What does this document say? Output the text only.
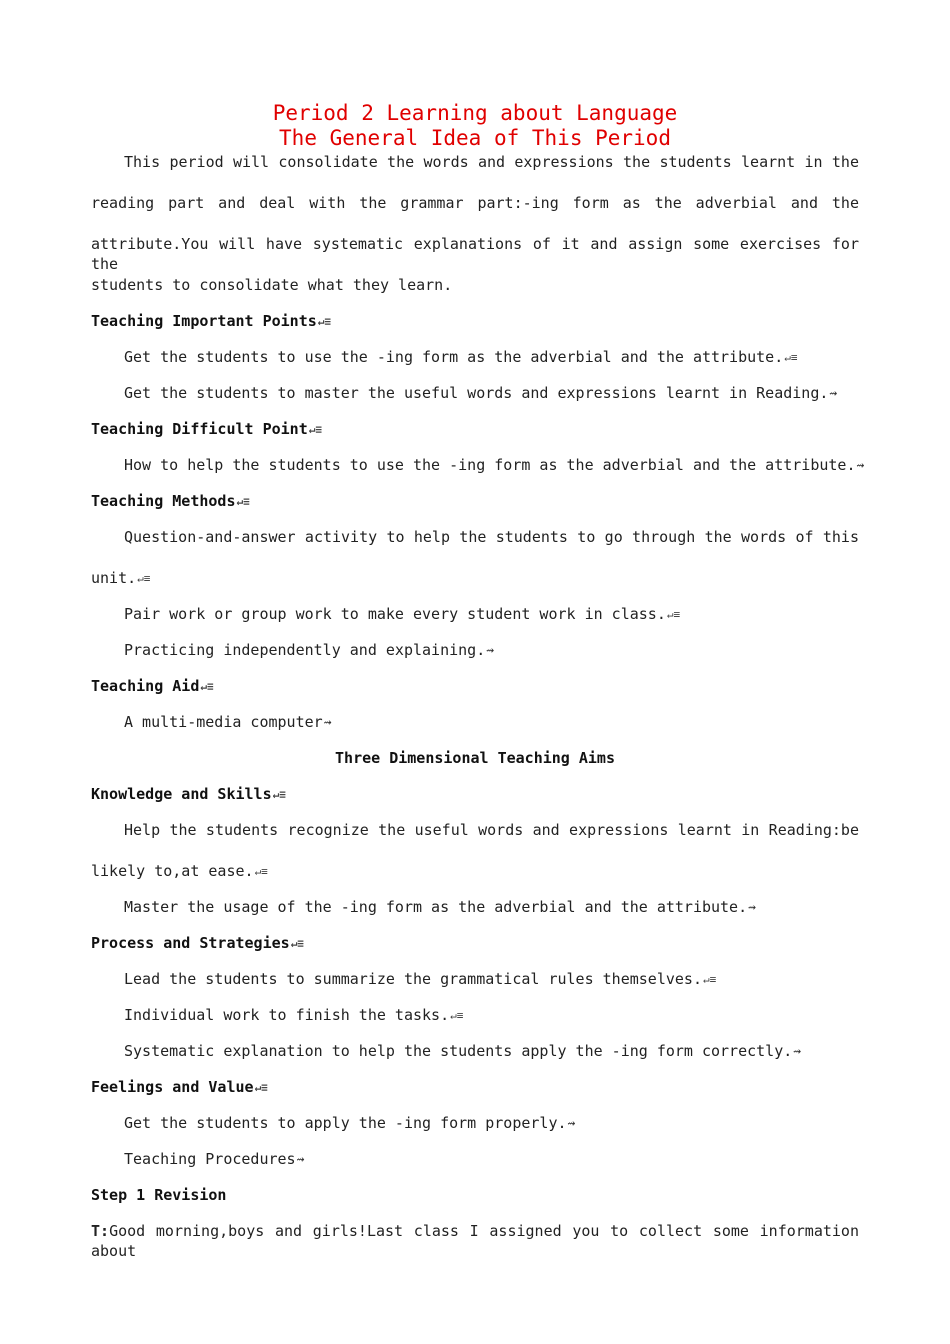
Period 2 Learning about Language
The General Idea of This Period
This period will consolidate the words and expressions the students learnt in the
reading part and deal with the grammar part:-ing form as the adverbial and the
attribute.You will have systematic explanations of it and assign some exercises for the
students to consolidate what they learn.
Teaching Important Points↵≡
Get the students to use the -ing form as the adverbial and the attribute.↵≡
Get the students to master the useful words and expressions learnt in Reading.⇝
Teaching Difficult Point↵≡
How to help the students to use the -ing form as the adverbial and the attribute.⇝
Teaching Methods↵≡
Question-and-answer activity to help the students to go through the words of this
unit.↵≡
Pair work or group work to make every student work in class.↵≡
Practicing independently and explaining.⇝
Teaching Aid↵≡
A multi-media computer⇝
Three Dimensional Teaching Aims
Knowledge and Skills↵≡
Help the students recognize the useful words and expressions learnt in Reading:be
likely to,at ease.↵≡
Master the usage of the -ing form as the adverbial and the attribute.⇝
Process and Strategies↵≡
Lead the students to summarize the grammatical rules themselves.↵≡
Individual work to finish the tasks.↵≡
Systematic explanation to help the students apply the -ing form correctly.⇝
Feelings and Value↵≡
Get the students to apply the -ing form properly.⇝
Teaching Procedures⇝
Step 1 Revision
T:Good morning,boys and girls!Last class I assigned you to collect some information about
